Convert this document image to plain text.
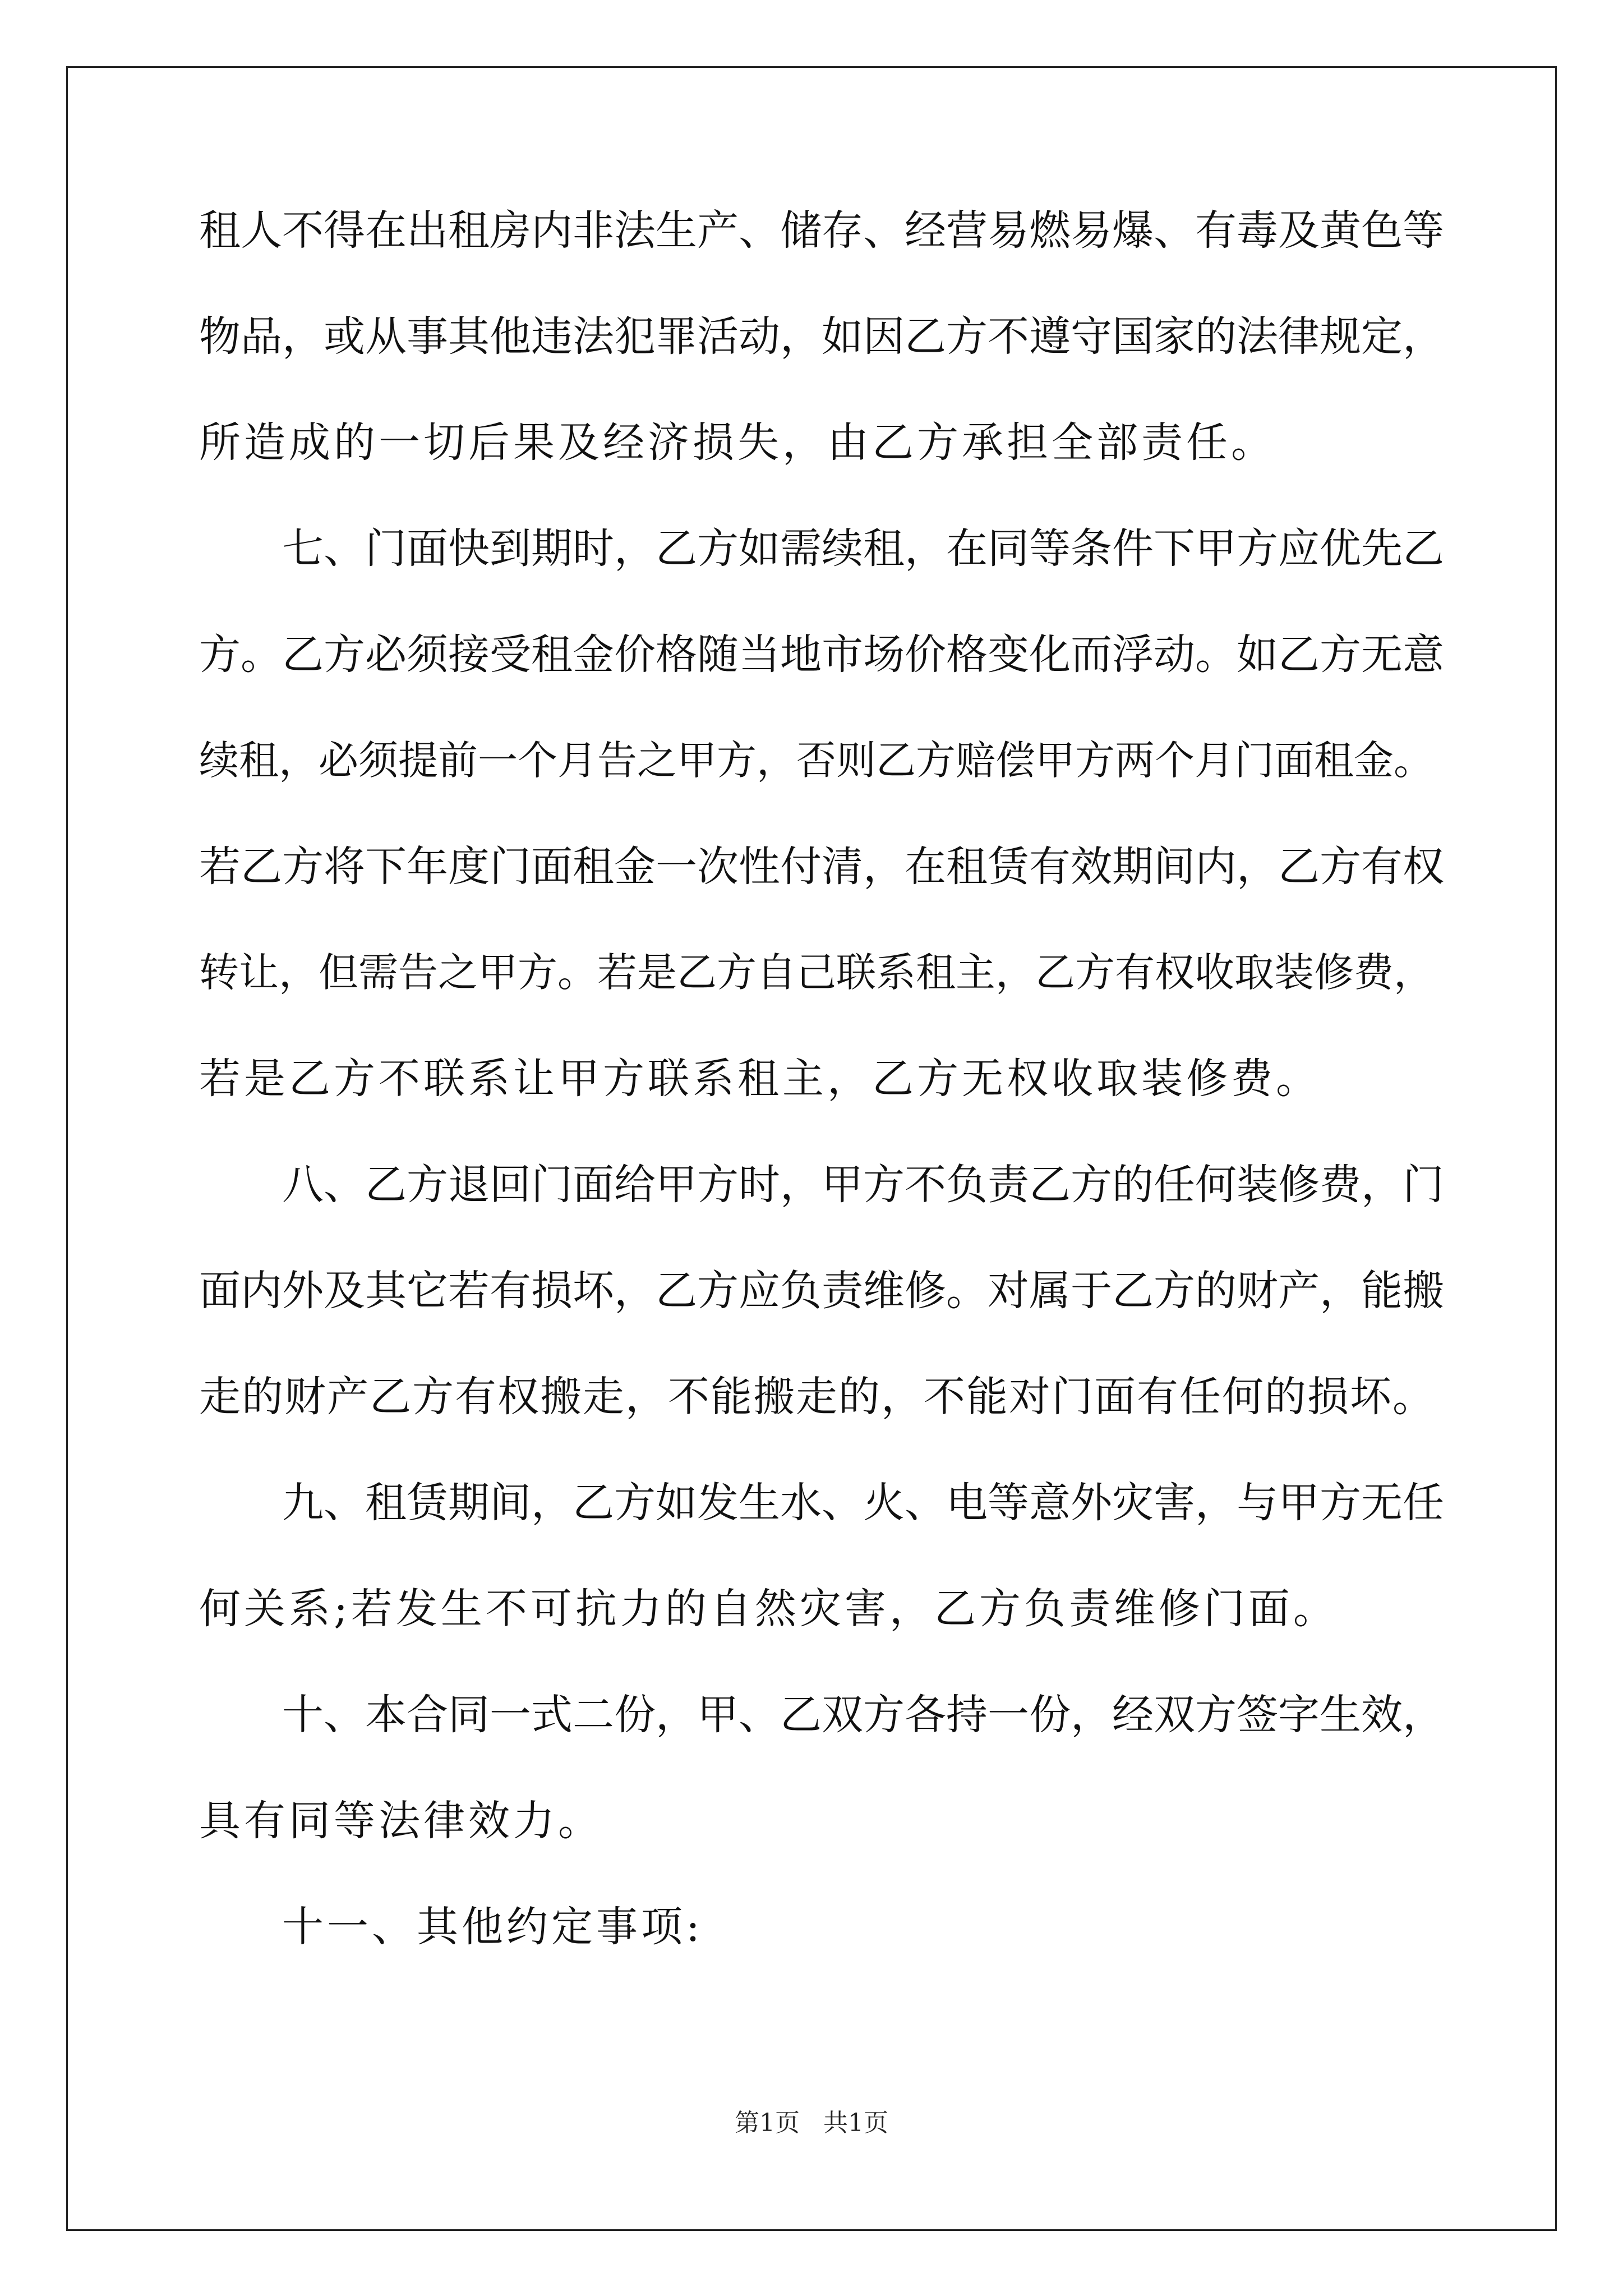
租人不得在出租房内非法生产、储存、经营易燃易爆、有毒及黄色等
物品，或从事其他违法犯罪活动，如因乙方不遵守国家的法律规定，
所造成的一切后果及经济损失，由乙方承担全部责任。
七、门面快到期时，乙方如需续租，在同等条件下甲方应优先乙
方。乙方必须接受租金价格随当地市场价格变化而浮动。如乙方无意
续租，必须提前一个月告之甲方，否则乙方赔偿甲方两个月门面租金。
若乙方将下年度门面租金一次性付清，在租赁有效期间内，乙方有权
转让，但需告之甲方。若是乙方自己联系租主，乙方有权收取装修费，
若是乙方不联系让甲方联系租主，乙方无权收取装修费。
八、乙方退回门面给甲方时，甲方不负责乙方的任何装修费，门
面内外及其它若有损坏，乙方应负责维修。对属于乙方的财产，能搬
走的财产乙方有权搬走，不能搬走的，不能对门面有任何的损坏。
九、租赁期间，乙方如发生水、火、电等意外灾害，与甲方无任
何关系;若发生不可抗力的自然灾害，乙方负责维修门面。
十、本合同一式二份，甲、乙双方各持一份，经双方签字生效，
具有同等法律效力。
十一、其他约定事项:
第1页 共1页
